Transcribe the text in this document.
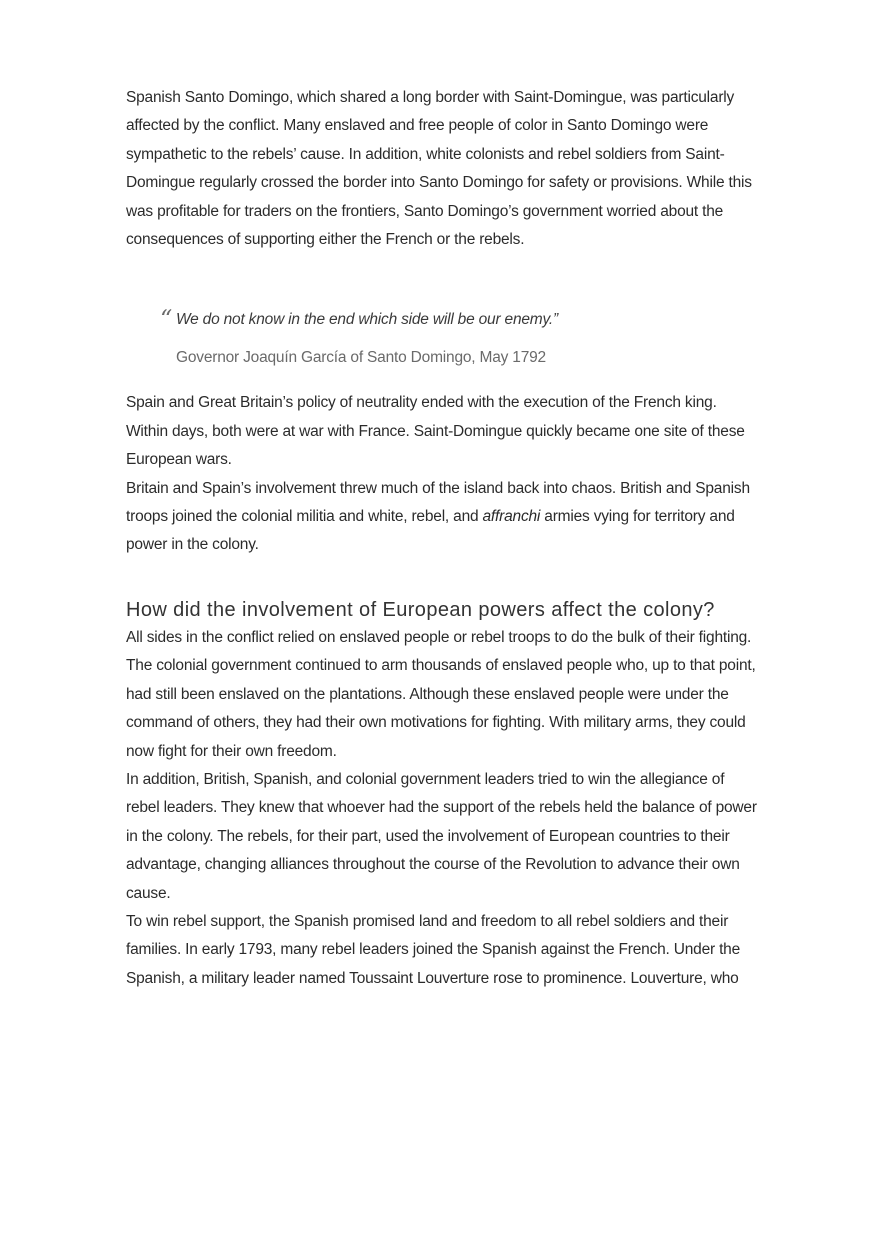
Spanish Santo Domingo, which shared a long border with Saint-Domingue, was particularly affected by the conflict. Many enslaved and free people of color in Santo Domingo were sympathetic to the rebels’ cause. In addition, white colonists and rebel soldiers from Saint-Domingue regularly crossed the border into Santo Domingo for safety or provisions. While this was profitable for traders on the frontiers, Santo Domingo’s government worried about the consequences of supporting either the French or the rebels.

“ We do not know in the end which side will be our enemy.”
Governor Joaquín García of Santo Domingo, May 1792

Spain and Great Britain’s policy of neutrality ended with the execution of the French king. Within days, both were at war with France. Saint-Domingue quickly became one site of these European wars.

Britain and Spain’s involvement threw much of the island back into chaos. British and Spanish troops joined the colonial militia and white, rebel, and affranchi armies vying for territory and power in the colony.

How did the involvement of European powers affect the colony?

All sides in the conflict relied on enslaved people or rebel troops to do the bulk of their fighting. The colonial government continued to arm thousands of enslaved people who, up to that point, had still been enslaved on the plantations. Although these enslaved people were under the command of others, they had their own motivations for fighting. With military arms, they could now fight for their own freedom.

In addition, British, Spanish, and colonial government leaders tried to win the allegiance of rebel leaders. They knew that whoever had the support of the rebels held the balance of power in the colony. The rebels, for their part, used the involvement of European countries to their advantage, changing alliances throughout the course of the Revolution to advance their own cause.

To win rebel support, the Spanish promised land and freedom to all rebel soldiers and their families. In early 1793, many rebel leaders joined the Spanish against the French. Under the Spanish, a military leader named Toussaint Louverture rose to prominence. Louverture, who
